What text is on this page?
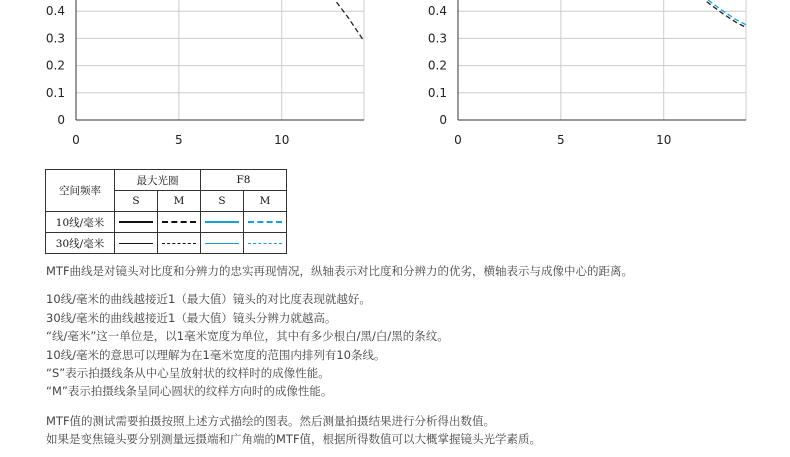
0
0.1
0.2
0.3
0.4
0	5	10
0
0.1
0.2
0.3
0.4
0	5	10
空间频率	最大光圈		F8	
	S	M	S	M
10线/毫米				
30线/毫米				

MTF曲线是对镜头对比度和分辨力的忠实再现情况，纵轴表示对比度和分辨力的优劣，横轴表示与成像中心的距离。

10线/毫米的曲线越接近1（最大值）镜头的对比度表现就越好。

30线/毫米的曲线越接近1（最大值）镜头分辨力就越高。

“线/毫米”这一单位是，以1毫米宽度为单位，其中有多少根白/黑/白/黑的条纹。

10线/毫米的意思可以理解为在1毫米宽度的范围内排列有10条线。

“S”表示拍摄线条从中心呈放射状的纹样时的成像性能。

“M”表示拍摄线条呈同心圆状的纹样方向时的成像性能。

MTF值的测试需要拍摄按照上述方式描绘的图表。然后测量拍摄结果进行分析得出数值。

如果是变焦镜头要分别测量远摄端和广角端的MTF值，根据所得数值可以大概掌握镜头光学素质。
